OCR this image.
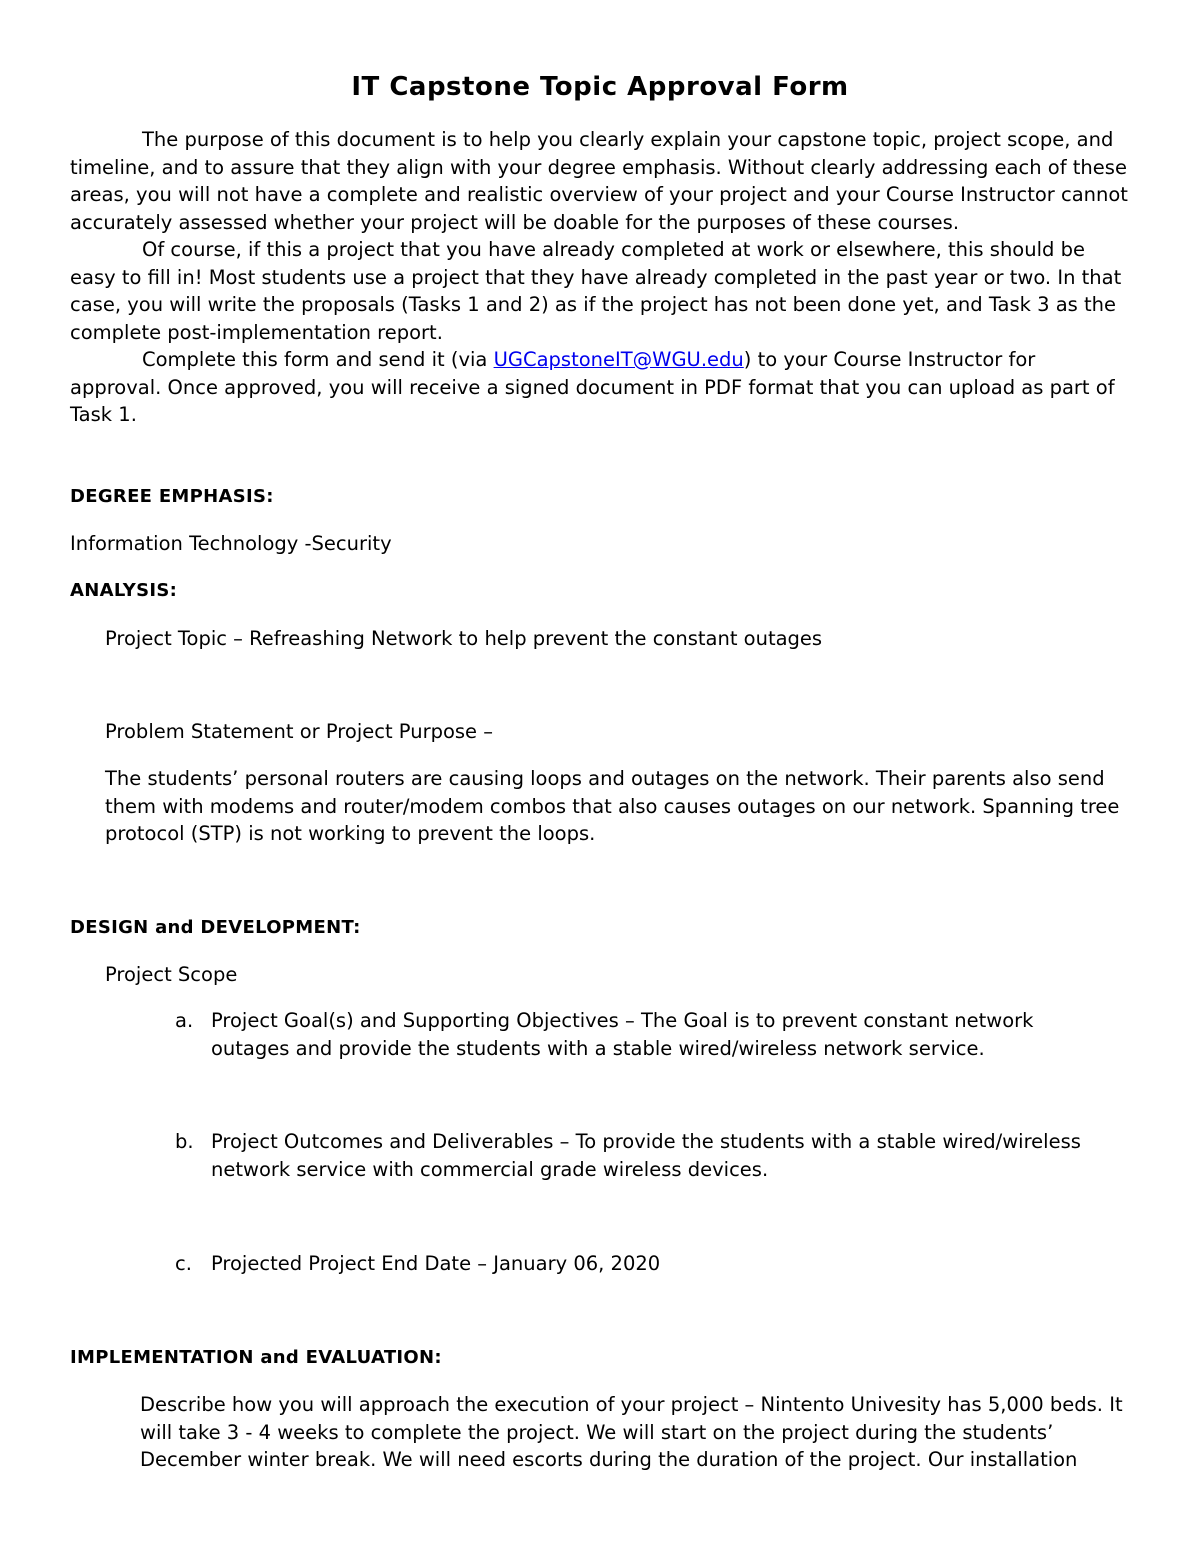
IT Capstone Topic Approval Form

The purpose of this document is to help you clearly explain your capstone topic, project scope, and timeline, and to assure that they align with your degree emphasis. Without clearly addressing each of these areas, you will not have a complete and realistic overview of your project and your Course Instructor cannot accurately assessed whether your project will be doable for the purposes of these courses.

Of course, if this a project that you have already completed at work or elsewhere, this should be easy to fill in! Most students use a project that they have already completed in the past year or two. In that case, you will write the proposals (Tasks 1 and 2) as if the project has not been done yet, and Task 3 as the complete post-implementation report.

Complete this form and send it (via UGCapstoneIT@WGU.edu) to your Course Instructor for approval. Once approved, you will receive a signed document in PDF format that you can upload as part of Task 1.

DEGREE EMPHASIS:
Information Technology -Security
ANALYSIS:
Project Topic – Refreashing Network to help prevent the constant outages
Problem Statement or Project Purpose –
The students’ personal routers are causing loops and outages on the network. Their parents also send them with modems and router/modem combos that also causes outages on our network. Spanning tree protocol (STP) is not working to prevent the loops.
DESIGN and DEVELOPMENT:
Project Scope
a. Project Goal(s) and Supporting Objectives – The Goal is to prevent constant network outages and provide the students with a stable wired/wireless network service.
b. Project Outcomes and Deliverables – To provide the students with a stable wired/wireless network service with commercial grade wireless devices.
c. Projected Project End Date – January 06, 2020
IMPLEMENTATION and EVALUATION:
Describe how you will approach the execution of your project – Nintento Univesity has 5,000 beds. It will take 3 - 4 weeks to complete the project. We will start on the project during the students’ December winter break. We will need escorts during the duration of the project. Our installation
